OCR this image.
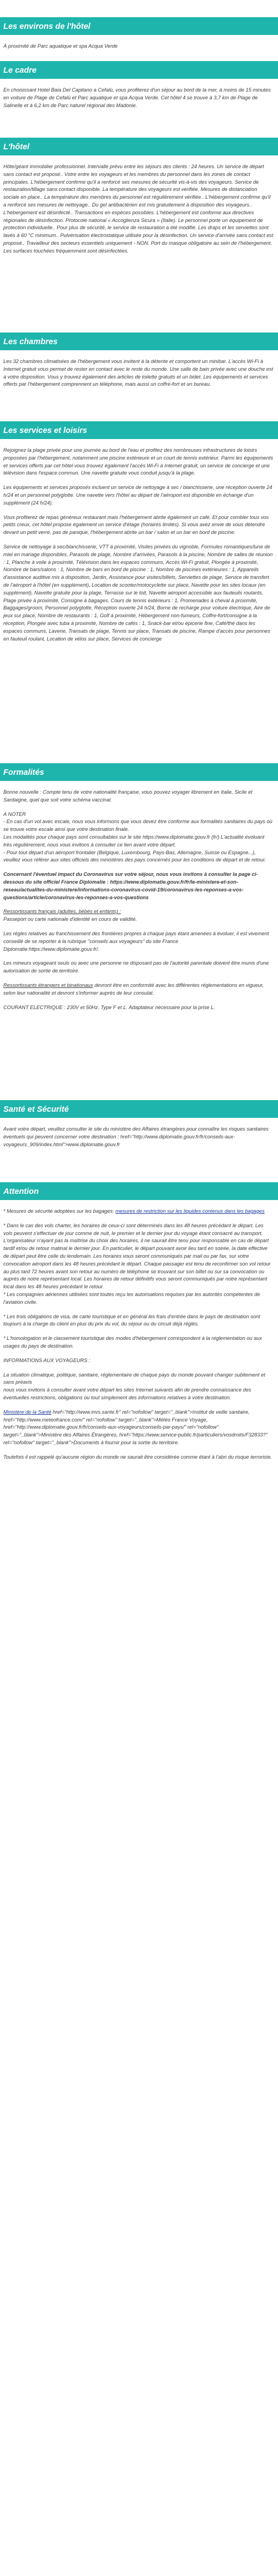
Les environs de l'hôtel

À proximité de Parc aquatique et spa Acqua Verde

Le cadre

En choisissant Hotel Baia Del Capitano a Cefalù, vous profiterez d'un séjour au bord de la mer, à moins de 15 minutes en voiture de Plage de Cefalù et Parc aquatique et spa Acqua Verde. Cet hôtel 4 se trouve à 3,7 km de Plage de Salinelle et à 6,2 km de Parc naturel régional des Madonie.

L'hôtel

Hôte/géant immobilier professionnel. Intervalle prévu entre les séjours des clients : 24 heures. Un service de départ sans contact est proposé.. Votre entre les voyageurs et les membres du personnel dans les zones de contact principales. L'hébergement confirme qu'il a renforcé ses mesures de sécurité vis-à-vis des voyageurs. Service de restauration/tillage sans contact disponible. La température des voyageurs est vérifiée. Mesures de distanciation sociale en place.. La température des membres du personnel est régulièrement vérifiée.. L'hébergement confirme qu'il a renforcé ses mesures de nettoyage.. Du gel antibactérien est mis gratuitement à disposition des voyageurs.. L'hébergement est désinfecté.. Transactions en espèces possibles. L'hébergement est conforme aux directives régionales de désinfection. Protocole national « Accoglienza Sicura » (Italie). Le personnel porte un équipement de protection individuelle.. Pour plus de sécurité, le service de restauration a été modifié. Les draps et les serviettes sont lavés à 60 °C minimum.. Pulvérisation électrostatique utilisée pour la désinfection. Un service d'arrivée sans contact est proposé.. Travailleur des secteurs essentiels uniquement - NON. Port du masque obligatoire au sein de l'hébergement. Les surfaces touchées fréquemment sont désinfectées.

Les chambres

Les 32 chambres climatisées de l'hébergement vous invitent à la détente et comportent un minibar. L'accès Wi-Fi à Internet gratuit vous permet de rester en contact avec le reste du monde. Une salle de bain privée avec une douche est à votre disposition. Vous y trouvez également des articles de toilette gratuits et un bidet. Les équipements et services offerts par l'hébergement comprennent un téléphone, mais aussi un coffre-fort et un bureau.

Les services et loisirs

Rejoignez la plage privée pour une journée au bord de l'eau et profitez des nombreuses infrastructures de loisirs proposées par l'hébergement, notamment une piscine extérieure et un court de tennis extérieur. Parmi les équipements et services offerts par cet hôtel vous trouvez également l'accès Wi-Fi à Internet gratuit, un service de concierge et une télévision dans l'espace commun. Une navette gratuite vous conduit jusqu'à la plage.

Les équipements et services proposés incluent un service de nettoyage à sec / blanchisserie, une réception ouverte 24 h/24 et un personnel polyglotte. Une navette vers l'hôtel au départ de l'aéroport est disponible en échange d'un supplément (24 h/24).

Vous profiterez de repas généreux restaurant mais l'hébergement abrite également un café. Et pour combler tous vos petits creux, cet hôtel propose également un service d'étage (horaires limités). Si vous avez envie de vous détendre devant un petit verre, pas de panique, l'hébergement abrite un bar / salon et un bar en bord de piscine.

Service de nettoyage à sec/blanchisserie, VTT à proximité, Visites privées du vignoble, Formules romantiques/lune de miel en mariage disponibles, Parasols de plage, Nombre d'arrivées, Parasols à la piscine, Nombre de salles de réunion : 1, Planche à voile à proximité, Télévision dans les espaces communs, Accès Wi-Fi gratuit, Plongée à proximité, Nombre de bars/salons : 1, Nombre de bars en bord de piscine : 1, Nombre de piscines extérieures : 1, Appareils d'assistance auditive mis à disposition, Jardin, Assistance pour visites/billets, Serviettes de plage, Service de transfert de l'aéroport à l'hôtel (en supplément), Location de scooter/motocyclette sur place, Navette pour les sites locaux (en supplément), Navette gratuite pour la plage, Terrasse sur le toit, Navette aéroport accessible aux fauteuils roulants, Plage privée à proximité, Consigne à bagages, Cours de tennis extérieurs : 1, Promenades à cheval à proximité, Baggages/groom, Personnel polyglotte, Réception ouverte 24 h/24, Borne de recharge pour voiture électrique, Aire de jeux sur place, Nombre de restaurants : 1, Golf à proximité, Hébergement non-fumeurs, Coffre-fort/consigne à la réception, Plongée avec tuba à proximité, Nombre de cafés : 1, Snack-bar et/ou épicerie fine, Café/thé dans les espaces communs, Laverie, Transats de plage, Tennis sur place, Transats de piscine, Rampe d'accès pour personnes en fauteuil roulant, Location de vélos sur place, Services de concierge

Formalités

Bonne nouvelle : Compte tenu de votre nationalité française, vous pouvez voyager librement en Italie, Sicile et Sardaigne, quel que soit votre schéma vaccinal.

A NOTER
- En cas d'un vol avec escale, nous vous informons que vous devez être conforme aux formalités sanitaires du pays où se trouve votre escale ainsi que votre destination finale.
Les modalités pour chaque pays sont consultables sur le site https://www.diplomatie.gouv.fr (fr/) L'actualité évoluant très régulièrement, nous vous invitons à consulter ce lien avant votre départ.
- Pour tout départ d'un aéroport frontalier (Belgique, Luxembourg, Pays-Bas, Allemagne, Suisse ou Espagne...), veuillez vous référer aux sites officiels des ministères des pays concernés pour les conditions de départ et de retour.

Concernant l'éventuel impact du Coronavirus sur votre séjour, nous vous invitons à consulter la page ci-dessous du site officiel France Diplomatie : https://www.diplomatie.gouv.fr/fr/le-ministere-et-son-reseau/actualites-du-ministere/informations-coronavirus-covid-19/coronavirus-les-reponses-a-vos-questions/article/coronavirus-les-reponses-a-vos-questions

Ressortissants français (adultes, bébés et enfants) :
Passeport ou carte nationale d'identité en cours de validité.

Les règles relatives au franchissement des frontières propres à chaque pays étant amenées à évoluer, il est vivement conseillé de se reporter à la rubrique "conseils aux voyageurs" du site France Diplomatie:https://www.diplomatie.gouv.fr/.

Les mineurs voyageant seuls ou avec une personne ne disposant pas de l'autorité parentale doivent être munis d'une autorisation de sortie de territoire.

Ressortissants étrangers et binationaux devront être en conformité avec les différentes réglementations en vigueur, selon leur nationalité et devront s'informer auprès de leur consulat.

COURANT ELECTRIQUE : 230V et 50Hz. Type F et L. Adaptateur nécessaire pour la prise L.

Santé et Sécurité

Avant votre départ, veuillez consulter le site du ministère des Affaires étrangères pour connaître les risques sanitaires éventuels qui peuvent concerner votre destination : href="http://www.diplomatie.gouv.fr/fr/conseils-aux-voyageurs_909/index.html">www.diplomatie.gouv.fr

Attention

* Mesures de sécurité adoptées sur les bagages: mesures de restriction sur les liquides contenus dans les bagages

* Dans le cas des vols charter, les horaires de ceux-ci sont déterminés dans les 48 heures précédant le départ. Les vols peuvent s'effectuer de jour comme de nuit, le premier et le dernier jour du voyage étant consacré au transport. L'organisateur n'ayant pas la maîtrise du choix des horaires, il ne saurait être tenu pour responsable en cas de départ tardif et/ou de retour matinal le dernier jour. En particulier, le départ pouvant avoir lieu tard en soirée, la date effective de départ peut être celle du lendemain. Les horaires vous seront communiqués par mail ou par fax, sur votre convocation aéroport dans les 48 heures précédant le départ. Chaque passager est tenu de reconfirmer son vol retour au plus tard 72 heures avant son retour au numéro de téléphone se trouvant sur son billet ou sur sa convocation ou auprès de notre représentant local. Les horaires de retour définitifs vous seront communiqués par notre représentant local dans les 48 heures précédant le retour.
* Les compagnies aériennes utilisées sont toutes reçu les autorisations requises par les autorités compétentes de l'aviation civile.

* Les trois obligations de visa, de carte touristique et en général les frais d'entrée dans le pays de destination sont toujours à la charge du client en plus du prix du vol, du séjour ou du circuit déjà réglés.

* L'homologation et le classement touristique des modes d'hébergement correspondent à la réglementation ou aux usages du pays de destination.

INFORMATIONS AUX VOYAGEURS :

La situation climatique, politique, sanitaire, réglementaire de chaque pays du monde pouvant changer subitement et sans préavis
nous vous invitons à consulter avant votre départ les sites Internet suivants afin de prendre connaissance des éventuelles restrictions, obligations ou tout simplement des informations relatives à votre destination.

Ministère de la Santé href="http://www.invs.sante.fr" rel="nofollow" target="_blank">Institut de veille sanitaire, href="http://www.meteofrance.com/" rel="nofollow" target="_blank">Météo France Voyage, href="http://www.diplomatie.gouv.fr/fr/conseils-aux-voyageurs/conseils-par-pays/" rel="nofollow" target="_blank">Ministère des Affaires Étrangères, href="https://www.service-public.fr/particuliers/vosdroits/F32833?" rel="nofollow" target="_blank">Documents à fournir pour la sortie du territoire.

Toutefois il est rappelé qu'aucune région du monde ne saurait être considérée comme étant à l'abri du risque terroriste.
